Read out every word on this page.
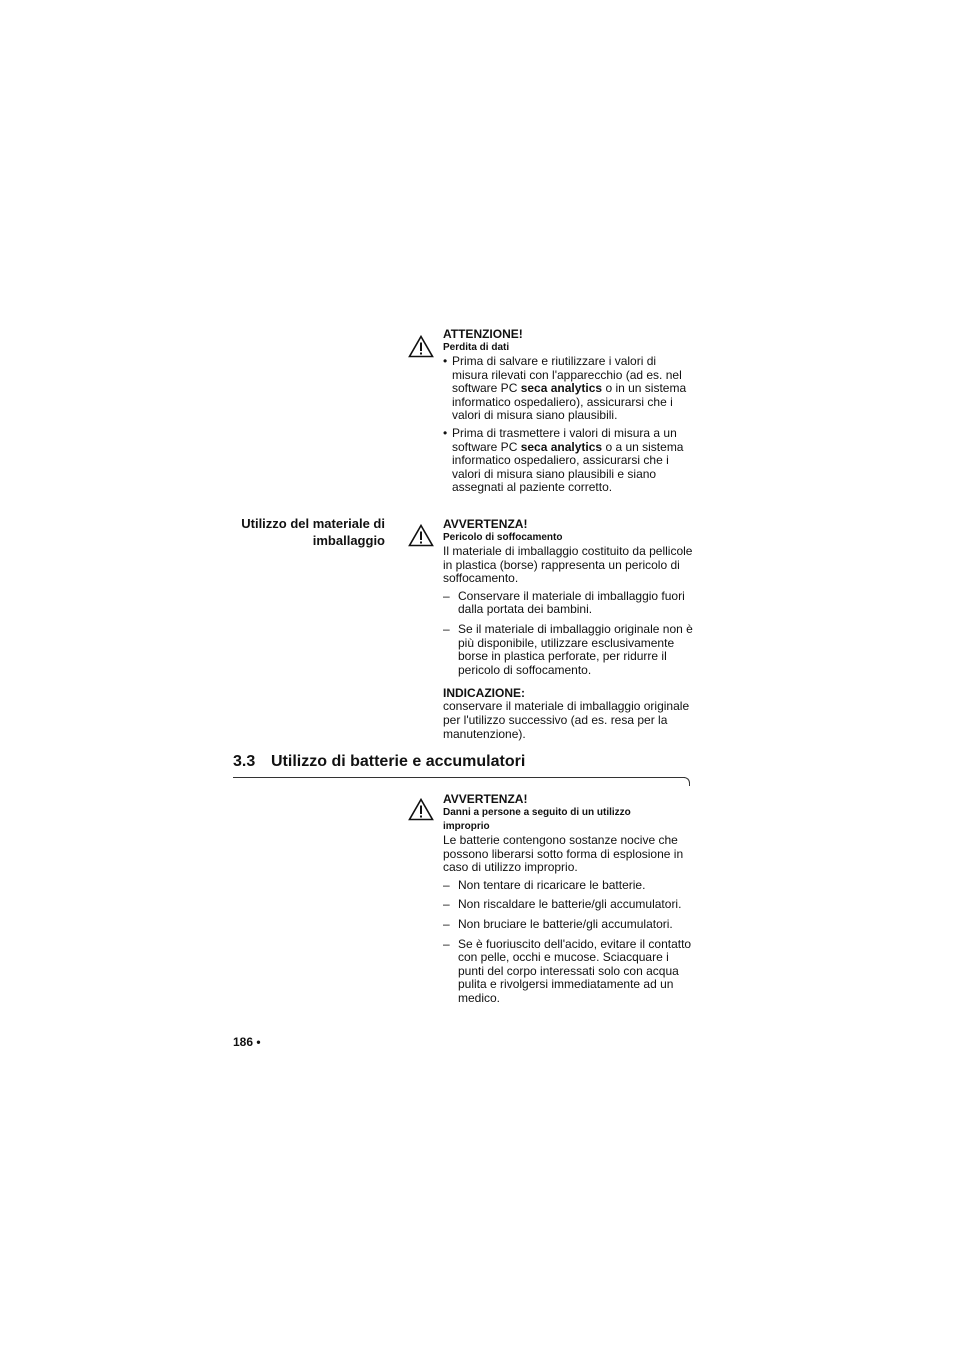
ATTENZIONE!
Perdita di dati
• Prima di salvare e riutilizzare i valori di misura rilevati con l'apparecchio (ad es. nel software PC seca analytics o in un sistema informatico ospedaliero), assicurarsi che i valori di misura siano plausibili.
• Prima di trasmettere i valori di misura a un software PC seca analytics o a un sistema informatico ospedaliero, assicurarsi che i valori di misura siano plausibili e siano assegnati al paziente corretto.
Utilizzo del materiale di imballaggio
AVVERTENZA!
Pericolo di soffocamento

Il materiale di imballaggio costituito da pellicole in plastica (borse) rappresenta un pericolo di soffocamento.

– Conservare il materiale di imballaggio fuori dalla portata dei bambini.
– Se il materiale di imballaggio originale non è più disponibile, utilizzare esclusivamente borse in plastica perforate, per ridurre il pericolo di soffocamento.
INDICAZIONE:

conservare il materiale di imballaggio originale per l'utilizzo successivo (ad es. resa per la manutenzione).

3.3 Utilizzo di batterie e accumulatori
AVVERTENZA!
Danni a persone a seguito di un utilizzo improprio

Le batterie contengono sostanze nocive che possono liberarsi sotto forma di esplosione in caso di utilizzo improprio.

– Non tentare di ricaricare le batterie.
– Non riscaldare le batterie/gli accumulatori.
– Non bruciare le batterie/gli accumulatori.
– Se è fuoriuscito dell'acido, evitare il contatto con pelle, occhi e mucose. Sciacquare i punti del corpo interessati solo con acqua pulita e rivolgersi immediatamente ad un medico.
186 •
